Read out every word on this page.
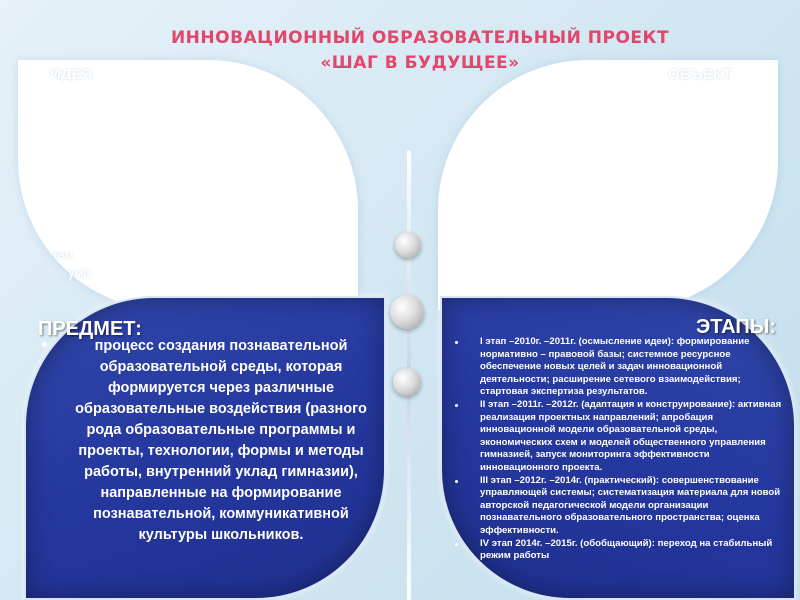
ИННОВАЦИОННЫЙ ОБРАЗОВАТЕЛЬНЫЙ ПРОЕКТ
«ШАГ В БУДУЩЕЕ»
ИДЕЯ	ОБЪЕКТ
тво
ума
ПРЕДМЕТ:
процесс создания познавательной образовательной среды, которая формируется через различные образовательные воздействия (разного рода образовательные программы и проекты, технологии, формы и методы работы, внутренний уклад гимназии), направленные на формирование познавательной, коммуникативной культуры школьников.
ЭТАПЫ:

I этап –2010г. –2011г. (осмысление идеи): формирование нормативно – правовой базы; системное ресурсное обеспечение новых целей и задач инновационной деятельности; расширение сетевого взаимодействия; стартовая экспертиза результатов.

II этап –2011г. –2012г. (адаптация и конструирование): активная реализация проектных направлений; апробация инновационной модели образовательной среды, экономических схем и моделей общественного управления гимназией, запуск мониторинга эффективности инновационного проекта.

III этап –2012г. –2014г. (практический): совершенствование управляющей системы; систематизация материала для новой авторской педагогической модели организации познавательного образовательного пространства; оценка эффективности.

IV этап 2014г. –2015г. (обобщающий): переход на стабильный режим работы
